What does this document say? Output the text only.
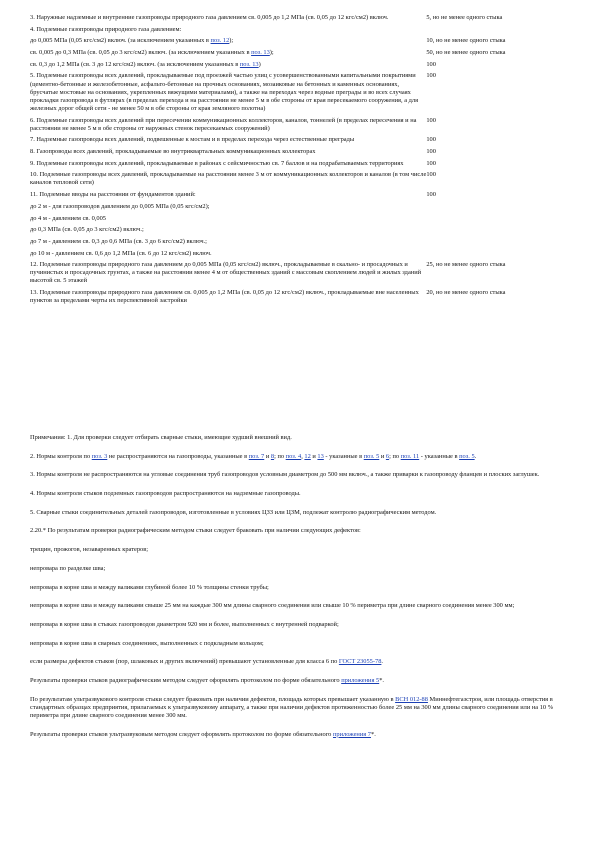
3. Наружные надземные и внутренние газопроводы природного газа давлением св. 0,005 до 1,2 МПа (св. 0,05 до 12 кгс/см2) включ.	5, но не менее одного стыка
4. Подземные газопроводы природного газа давлением:	
до 0,005 МПа (0,05 кгс/см2) включ. (за исключением указанных в поз. 12);	10, но не менее одного стыка
св. 0,005 до 0,3 МПа (св. 0,05 до 3 кгс/см2) включ. (за исключением указанных в поз. 13);	50, но не менее одного стыка
св. 0,3 до 1,2 МПа (св. 3 до 12 кгс/см2) включ. (за исключением указанных в поз. 13)	100
5. Подземные газопроводы всех давлений, прокладываемые под проезжей частью улиц с усовершенствованными капитальными покрытиями (цементно-бетонные и железобетонные, асфальто-бетонные на прочных основаниях, мозаиковые на бетонных и каменных основаниях, брусчатые мостовые на основаниях, укрепленных вяжущими материалами), а также на переходах через водные преграды и во всех случаях прокладки газопровода в футлярах (в пределах перехода и на расстоянии не менее 5 м в обе стороны от края пересекаемого сооружения, а для железных дорог общей сети - не менее 50 м в обе стороны от края земляного полотна)	100
6. Подземные газопроводы всех давлений при пересечении коммуникационных коллекторов, каналов, тоннелей (в пределах пересечения и на расстоянии не менее 5 м в обе стороны от наружных стенок пересекаемых сооружений)	100
7. Надземные газопроводы всех давлений, подвешенные к мостам и в пределах перехода через естественные преграды	100
8. Газопроводы всех давлений, прокладываемые во внутриквартальных коммуникационных коллекторах	100
9. Подземные газопроводы всех давлений, прокладываемые в районах с сейсмичностью св. 7 баллов и на подрабатываемых территориях	100
10. Подземные газопроводы всех давлений, прокладываемые на расстоянии менее 3 м от коммуникационных коллекторов и каналов (в том числе каналов тепловой сети)	100
11. Подземные вводы на расстоянии от фундаментов зданий:	100
до 2 м - для газопроводов давлением до 0,005 МПа (0,05 кгс/см2);	
до 4 м - давлением св. 0,005	
до 0,3 МПа (св. 0,05 до 3 кгс/см2) включ.;	
до 7 м - давлением св. 0,3 до 0,6 МПа (св. 3 до 6 кгс/см2) включ.;	
до 10 м - давлением св. 0,6 до 1,2 МПа (св. 6 до 12 кгс/см2) включ.	
12. Подземные газопроводы природного газа давлением до 0,005 МПа (0,05 кгс/см2) включ., прокладываемые в скально- и просадочных и пучинистых и просадочных грунтах, а также на расстоянии менее 4 м от общественных зданий с массовым скоплением людей и жилых зданий высотой св. 5 этажей	25, но не менее одного стыка
13. Подземные газопроводы природного газа давлением св. 0,005 до 1,2 МПа (св. 0,05 до 12 кгс/см2) включ., прокладываемые вне населенных пунктов за пределами черты их перспективной застройки	20, но не менее одного стыка

Примечания: 1. Для проверки следует отбирать сварные стыки, имеющие худший внешний вид.

2. Нормы контроля по поз. 3 не распространяются на газопроводы, указанные в поз. 7 и 8; по поз. 4, 12 и 13 - указанные в поз. 5 и 6; по поз. 11 - указанные в поз. 5.

3. Нормы контроля не распространяются на угловые соединения труб газопроводов условным диаметром до 500 мм включ., а также приварки к газопроводу фланцев и плоских заглушек.

4. Нормы контроля стыков подземных газопроводов распространяются на надземные газопроводы.

5. Сварные стыки соединительных деталей газопроводов, изготовленные в условиях ЦЗЗ или ЦЗМ, подлежат контролю радиографическим методом.

2.20.* По результатам проверки радиографическим методом стыки следует браковать при наличии следующих дефектов:

трещин, прожогов, незаваренных кратеров;

непровара по разделке шва;

непровара в корне шва и между валиками глубиной более 10 % толщины стенки трубы;

непровара в корне шва и между валиками свыше 25 мм на каждые 300 мм длины сварного соединения или свыше 10 % периметра при длине сварного соединения менее 300 мм;

непровара в корне шва в стыках газопроводов диаметром 920 мм и более, выполненных с внутренней подваркой;

непровара в корне шва в сварных соединениях, выполненных с подкладным кольцом;

если размеры дефектов стыков (пор, шлаковых и других включений) превышают установленные для класса 6 по ГОСТ 23055-78.

Результаты проверки стыков радиографическим методом следует оформлять протоколом по форме обязательного приложения 5*.

По результатам ультразвукового контроля стыки следует браковать при наличии дефектов, площадь которых превышает указанную в ВСН 012-88 Миннефтегазстроя, или площадь отверстия в стандартных образцах предприятия, прилагаемых к ультразвуковому аппарату, а также при наличии дефектов протяженностью более 25 мм на 300 мм длины сварного соединения или на 10 % периметра при длине сварного соединения менее 300 мм.

Результаты проверки стыков ультразвуковым методом следует оформлять протоколом по форме обязательного приложения 7*.
